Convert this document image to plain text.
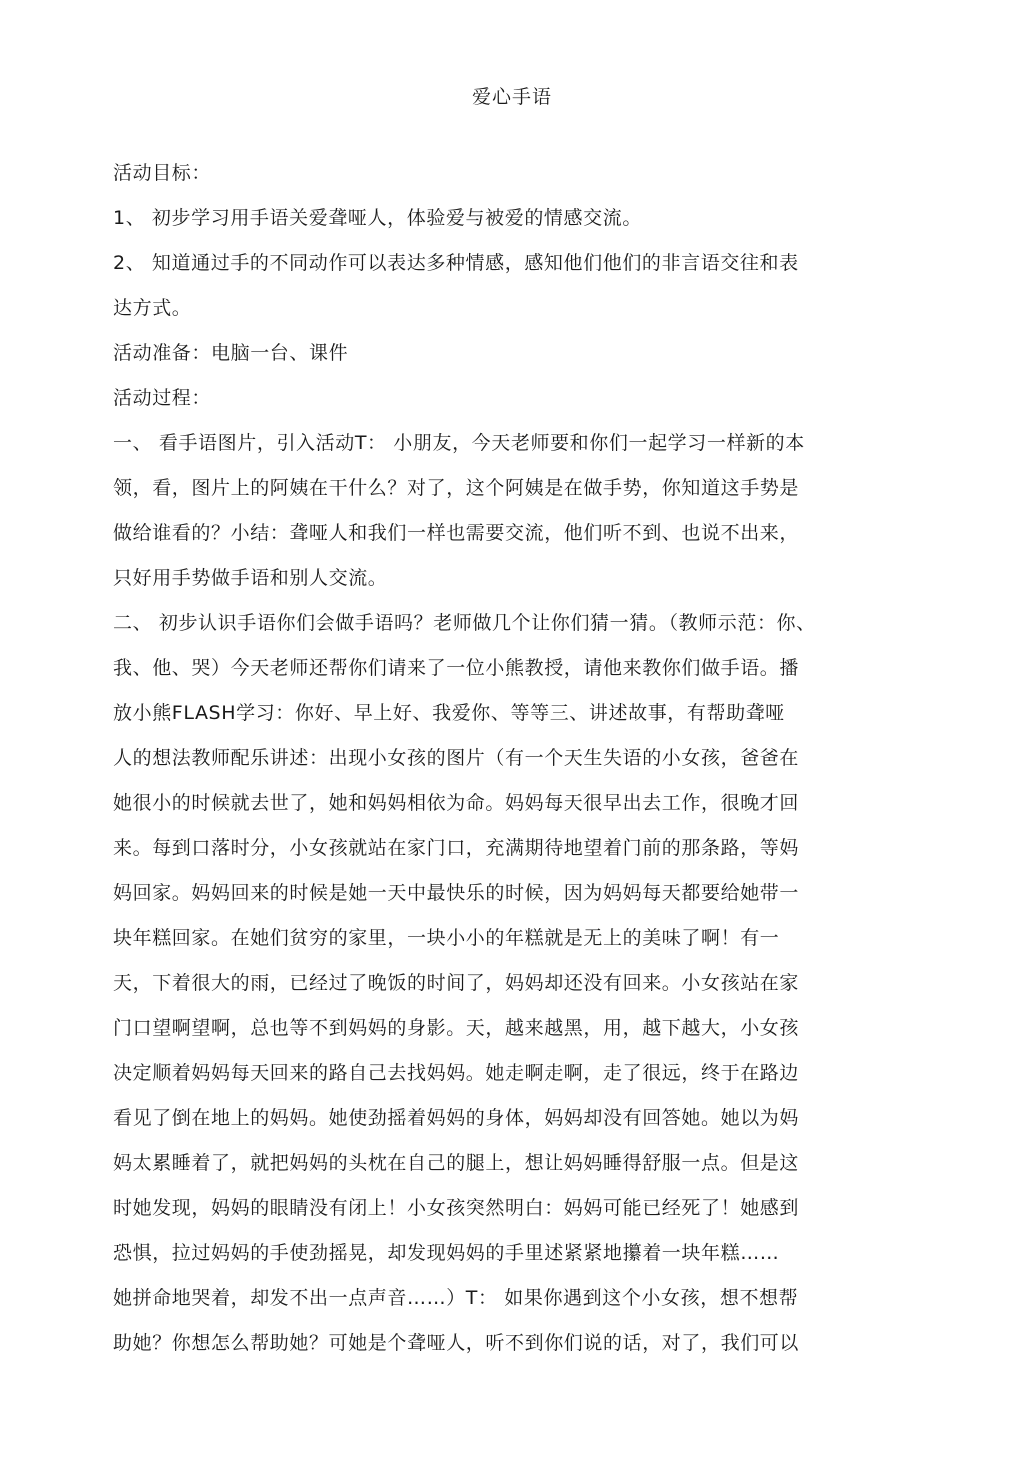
爱心手语
活动目标：
1、 初步学习用手语关爱聋哑人，体验爱与被爱的情感交流。
2、 知道通过手的不同动作可以表达多种情感，感知他们他们的非言语交往和表
达方式。
活动准备：电脑一台、课件
活动过程：
一、 看手语图片，引入活动T： 小朋友，今天老师要和你们一起学习一样新的本
领，看，图片上的阿姨在干什么？对了，这个阿姨是在做手势，你知道这手势是
做给谁看的？小结：聋哑人和我们一样也需要交流，他们听不到、也说不出来，
只好用手势做手语和别人交流。
二、 初步认识手语你们会做手语吗？老师做几个让你们猜一猜。（教师示范：你、
我、他、哭）今天老师还帮你们请来了一位小熊教授，请他来教你们做手语。播
放小熊FLASH学习：你好、早上好、我爱你、等等三、讲述故事，有帮助聋哑
人的想法教师配乐讲述：出现小女孩的图片（有一个天生失语的小女孩，爸爸在
她很小的时候就去世了，她和妈妈相依为命。妈妈每天很早出去工作，很晚才回
来。每到口落时分，小女孩就站在家门口，充满期待地望着门前的那条路，等妈
妈回家。妈妈回来的时候是她一天中最快乐的时候，因为妈妈每天都要给她带一
块年糕回家。在她们贫穷的家里，一块小小的年糕就是无上的美味了啊！有一
天，下着很大的雨，已经过了晚饭的时间了，妈妈却还没有回来。小女孩站在家
门口望啊望啊，总也等不到妈妈的身影。天，越来越黑，用，越下越大，小女孩
决定顺着妈妈每天回来的路自己去找妈妈。她走啊走啊，走了很远，终于在路边
看见了倒在地上的妈妈。她使劲摇着妈妈的身体，妈妈却没有回答她。她以为妈
妈太累睡着了，就把妈妈的头枕在自己的腿上，想让妈妈睡得舒服一点。但是这
时她发现，妈妈的眼睛没有闭上！小女孩突然明白：妈妈可能已经死了！她感到
恐惧，拉过妈妈的手使劲摇晃，却发现妈妈的手里述紧紧地攥着一块年糕……
她拼命地哭着，却发不出一点声音……）T： 如果你遇到这个小女孩，想不想帮
助她？你想怎么帮助她？可她是个聋哑人，听不到你们说的话，对了，我们可以
